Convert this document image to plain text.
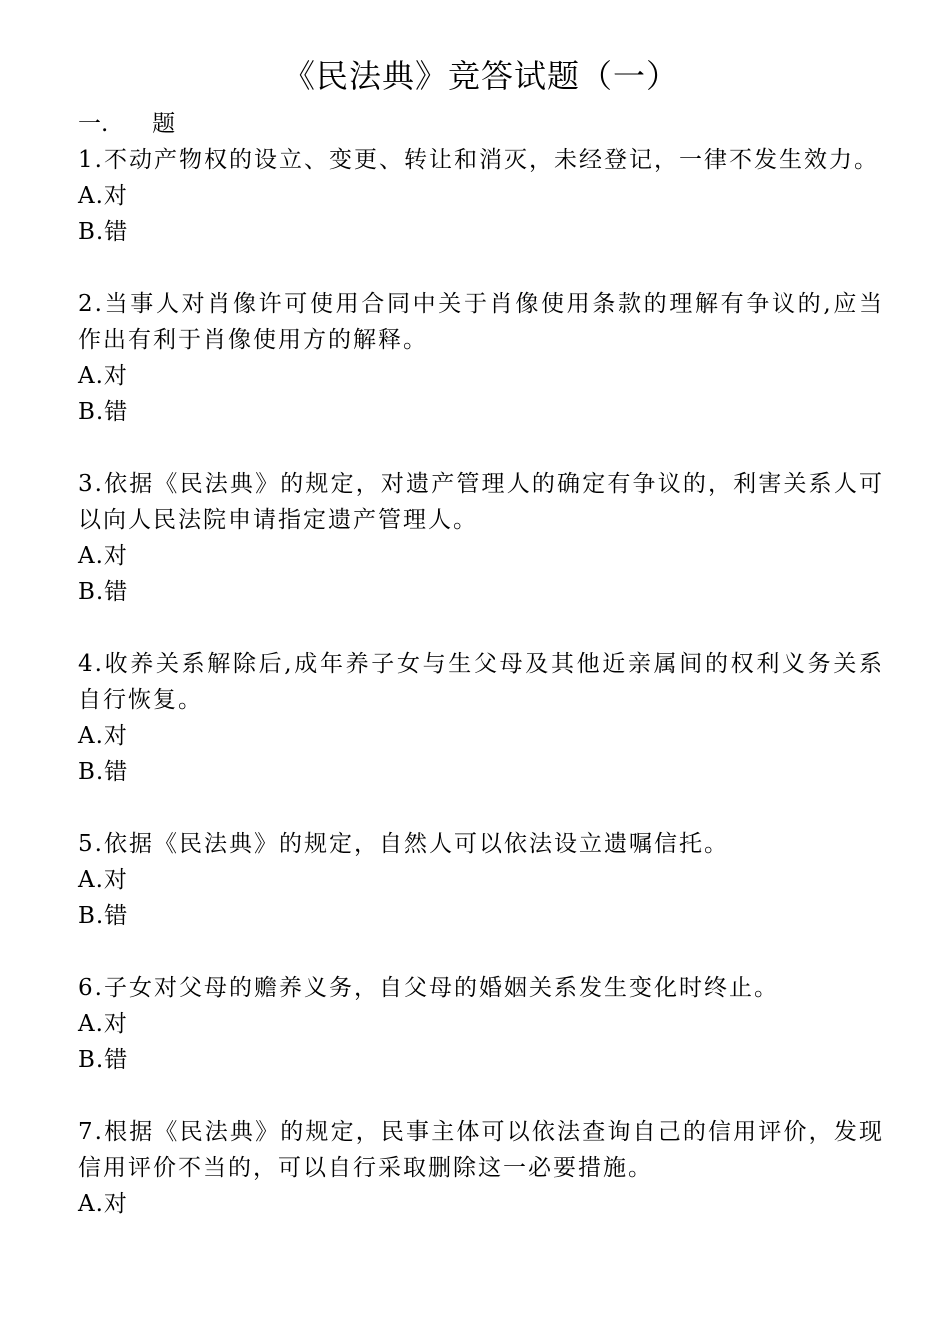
《民法典》竞答试题（一）

一.      题

1.不动产物权的设立、变更、转让和消灭，未经登记，一律不发生效力。

A.对

B.错

2.当事人对肖像许可使用合同中关于肖像使用条款的理解有争议的,应当作出有利于肖像使用方的解释。

A.对

B.错

3.依据《民法典》的规定，对遗产管理人的确定有争议的，利害关系人可以向人民法院申请指定遗产管理人。

A.对

B.错

4.收养关系解除后,成年养子女与生父母及其他近亲属间的权利义务关系自行恢复。

A.对

B.错

5.依据《民法典》的规定，自然人可以依法设立遗嘱信托。

A.对

B.错

6.子女对父母的赡养义务，自父母的婚姻关系发生变化时终止。

A.对

B.错

7.根据《民法典》的规定，民事主体可以依法查询自己的信用评价，发现信用评价不当的，可以自行采取删除这一必要措施。

A.对
